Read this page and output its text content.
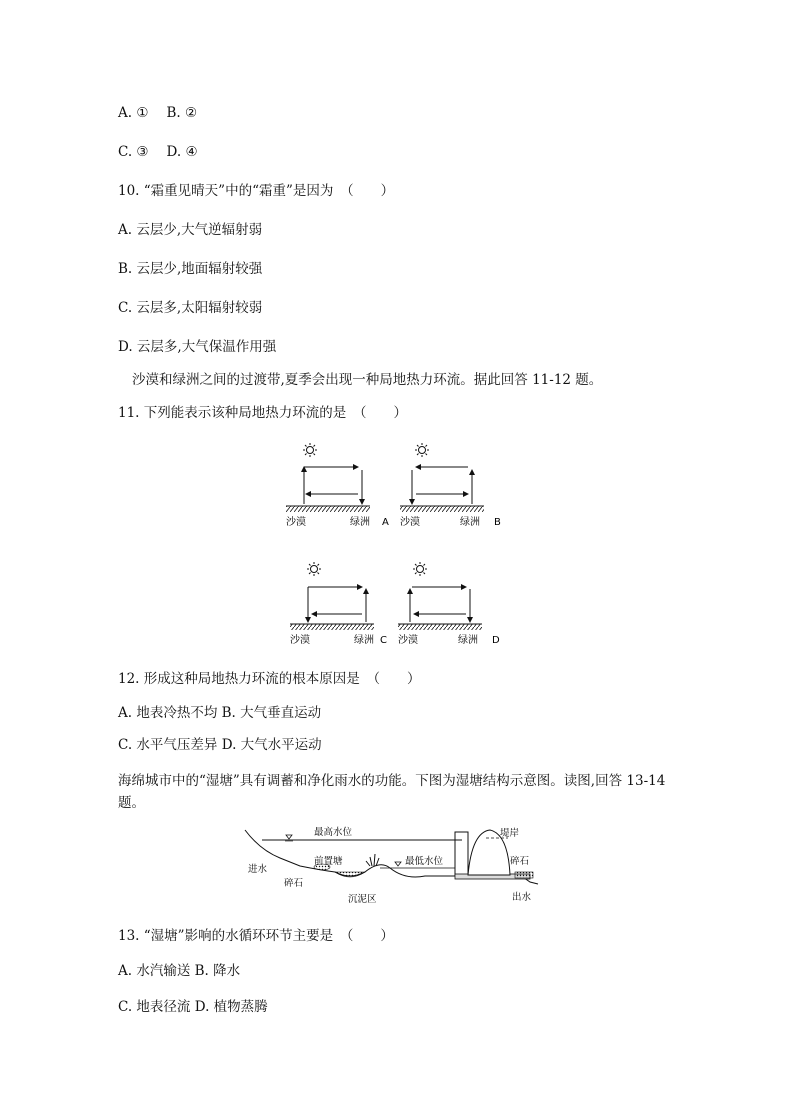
A. ① B. ②
C. ③ D. ④
10. “霜重见晴天”中的“霜重”是因为　（　　）
A. 云层少,大气逆辐射弱
B. 云层少,地面辐射较强
C. 云层多,太阳辐射较弱
D. 云层多,大气保温作用强
沙漠和绿洲之间的过渡带,夏季会出现一种局地热力环流。据此回答 11-12 题。
11. 下列能表示该种局地热力环流的是　（　　）
沙漠	绿洲 A 沙漠	绿洲 B
沙漠	绿洲 C 沙漠	绿洲 D
12. 形成这种局地热力环流的根本原因是　（　　）
A. 地表冷热不均 B. 大气垂直运动
C. 水平气压差异 D. 大气水平运动
海绵城市中的“湿塘”具有调蓄和净化雨水的功能。下图为湿塘结构示意图。读图,回答 13-14
题。
最高水位
最低水位
堤岸
碎石
进水
前置塘
碎石
沉泥区	出水
13. “湿塘”影响的水循环环节主要是　（　　）
A. 水汽输送 B. 降水
C. 地表径流 D. 植物蒸腾
